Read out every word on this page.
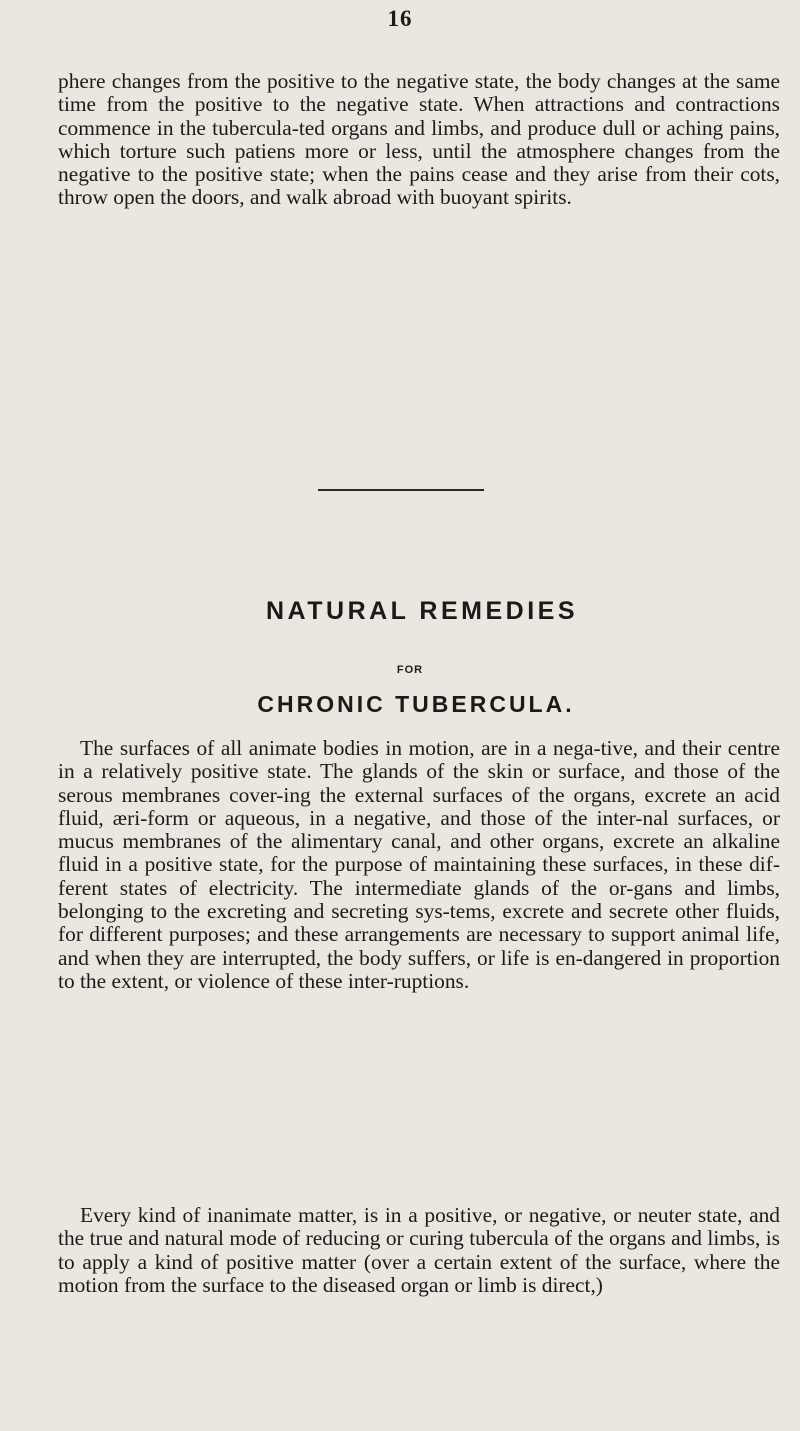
16

phere changes from the positive to the negative state, the body changes at the same time from the positive to the negative state. When attractions and contractions commence in the tubercula-ted organs and limbs, and produce dull or aching pains, which torture such patiens more or less, until the atmosphere changes from the negative to the positive state; when the pains cease and they arise from their cots, throw open the doors, and walk abroad with buoyant spirits.

NATURAL REMEDIES
FOR
CHRONIC TUBERCULA.

The surfaces of all animate bodies in motion, are in a nega-tive, and their centre in a relatively positive state. The glands of the skin or surface, and those of the serous membranes cover-ing the external surfaces of the organs, excrete an acid fluid, æri-form or aqueous, in a negative, and those of the inter-nal surfaces, or mucus membranes of the alimentary canal, and other organs, excrete an alkaline fluid in a positive state, for the purpose of maintaining these surfaces, in these dif-ferent states of electricity. The intermediate glands of the or-gans and limbs, belonging to the excreting and secreting sys-tems, excrete and secrete other fluids, for different purposes; and these arrangements are necessary to support animal life, and when they are interrupted, the body suffers, or life is en-dangered in proportion to the extent, or violence of these inter-ruptions.

Every kind of inanimate matter, is in a positive, or negative, or neuter state, and the true and natural mode of reducing or curing tubercula of the organs and limbs, is to apply a kind of positive matter (over a certain extent of the surface, where the motion from the surface to the diseased organ or limb is direct,)
